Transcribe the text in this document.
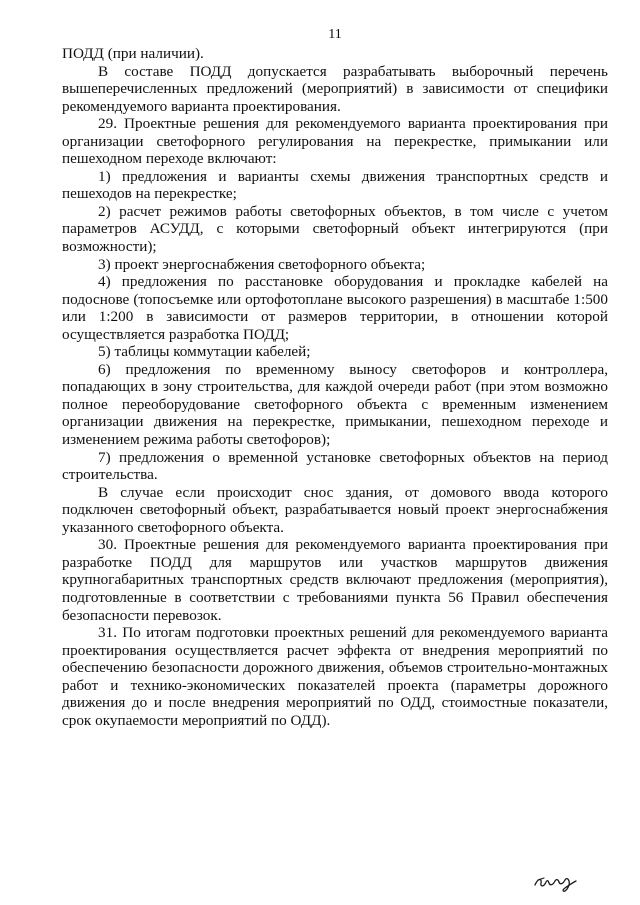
11

ПОДД (при наличии).

В составе ПОДД допускается разрабатывать выборочный перечень вышеперечисленных предложений (мероприятий) в зависимости от специфики рекомендуемого варианта проектирования.

29. Проектные решения для рекомендуемого варианта проектирования при организации светофорного регулирования на перекрестке, примыкании или пешеходном переходе включают:

1) предложения и варианты схемы движения транспортных средств и пешеходов на перекрестке;

2) расчет режимов работы светофорных объектов, в том числе с учетом параметров АСУДД, с которыми светофорный объект интегрируются (при возможности);

3) проект энергоснабжения светофорного объекта;

4) предложения по расстановке оборудования и прокладке кабелей на подоснове (топосъемке или ортофотоплане высокого разрешения) в масштабе 1:500 или 1:200 в зависимости от размеров территории, в отношении которой осуществляется разработка ПОДД;

5) таблицы коммутации кабелей;

6) предложения по временному выносу светофоров и контроллера, попадающих в зону строительства, для каждой очереди работ (при этом возможно полное переоборудование светофорного объекта с временным изменением организации движения на перекрестке, примыкании, пешеходном переходе и изменением режима работы светофоров);

7) предложения о временной установке светофорных объектов на период строительства.

В случае если происходит снос здания, от домового ввода которого подключен светофорный объект, разрабатывается новый проект энергоснабжения указанного светофорного объекта.

30. Проектные решения для рекомендуемого варианта проектирования при разработке ПОДД для маршрутов или участков маршрутов движения крупногабаритных транспортных средств включают предложения (мероприятия), подготовленные в соответствии с требованиями пункта 56 Правил обеспечения безопасности перевозок.

31. По итогам подготовки проектных решений для рекомендуемого варианта проектирования осуществляется расчет эффекта от внедрения мероприятий по обеспечению безопасности дорожного движения, объемов строительно-монтажных работ и технико-экономических показателей проекта (параметры дорожного движения до и после внедрения мероприятий по ОДД, стоимостные показатели, срок окупаемости мероприятий по ОДД).
